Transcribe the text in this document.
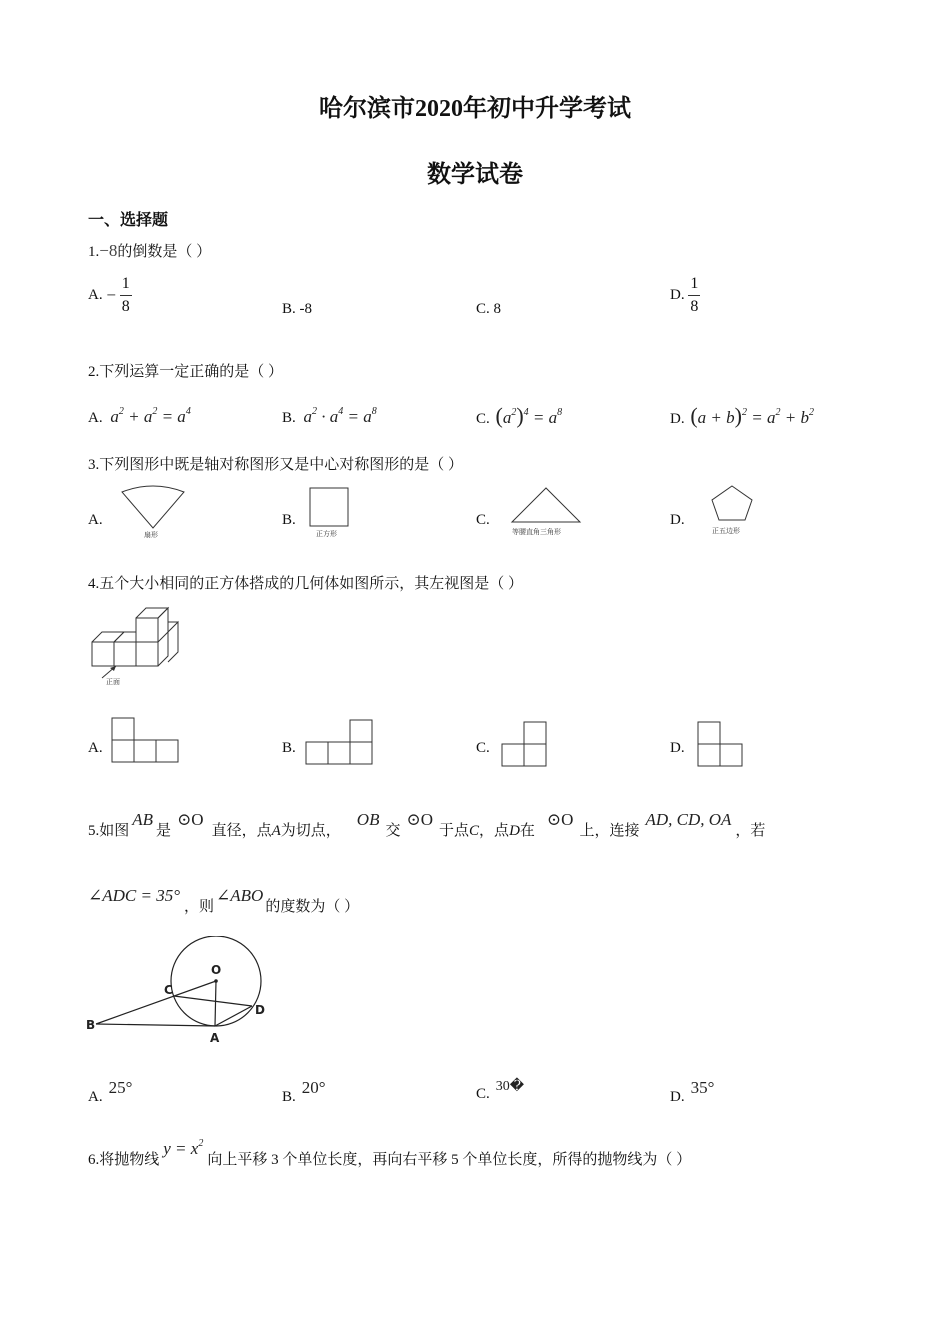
哈尔滨市2020年初中升学考试
数学试卷
一、选择题
1.−8的倒数是（ ）
A. − $\frac{1}{8}$	B. -8	C. 8
D. $\frac{1}{8}$
2.下列运算一定正确的是（ ）
A. $a^2 + a^2 = a^4$	B. $a^2 \cdot a^4 = a^8$	C. $(a^2)^4 = a^8$	D. $(a + b)^2 = a^2 + b^2$
3.下列图形中既是轴对称图形又是中心对称图形的是（ ）
A.
扇形
B.
正方形
C.
等腰直角三角形
D.
正五边形
4.五个大小相同的正方体搭成的几何体如图所示，其左视图是（ ）
正面
A.	B.	C.	D.
5.如图AB是⊙O直径，点A为切点，OB交⊙O于点C，点D在⊙O上，连接AD, CD, OA，若
∠ADC = 35°，则∠ABO的度数为（ ）
O
C
B
A
D
A. 25°	B. 20°	C. 30�
D. 35°
6.将抛物线$y = x^2$向上平移 3 个单位长度，再向右平移 5 个单位长度，所得的抛物线为（ ）
